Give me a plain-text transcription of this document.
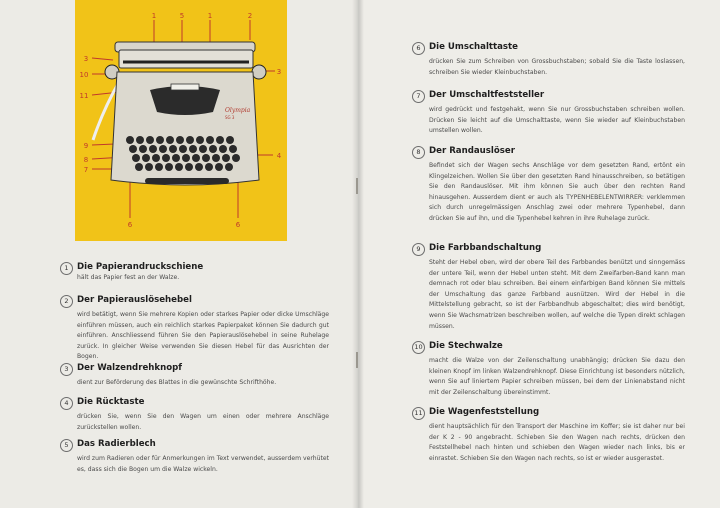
Olympia
SG 3
1	5	1	2
3
10
11
9
8
7
3
4
6	6
1 Die Papierandruckschiene
hält das Papier fest an der Walze.
2 Der Papierauslösehebel
wird betätigt, wenn Sie mehrere Kopien oder starkes Papier oder dicke Umschläge einführen müssen, auch ein reichlich starkes Papierpaket können Sie dadurch gut einführen. Anschliessend führen Sie den Papierauslösehebel in seine Ruhelage zurück. In gleicher Weise verwenden Sie diesen Hebel für das Ausrichten der Bogen.
3 Der Walzendrehknopf
dient zur Beförderung des Blattes in die gewünschte Schrifthöhe.
4 Die Rücktaste
drücken Sie, wenn Sie den Wagen um einen oder mehrere Anschläge zurückstellen wollen.
5 Das Radierblech
wird zum Radieren oder für Anmerkungen im Text verwendet, ausserdem verhütet es, dass sich die Bogen um die Walze wickeln.
6 Die Umschalttaste
drücken Sie zum Schreiben von Grossbuchstaben; sobald Sie die Taste loslassen, schreiben Sie wieder Kleinbuchstaben.
7 Der Umschaltfeststeller
wird gedrückt und festgehakt, wenn Sie nur Grossbuchstaben schreiben wollen. Drücken Sie leicht auf die Umschalttaste, wenn Sie wieder auf Kleinbuchstaben umstellen wollen.
8 Der Randauslöser
Befindet sich der Wagen sechs Anschläge vor dem gesetzten Rand, ertönt ein Klingelzeichen. Wollen Sie über den gesetzten Rand hinausschreiben, so betätigen Sie den Randauslöser. Mit ihm können Sie auch über den rechten Rand hinausgehen. Ausserdem dient er auch als TYPENHEBELENTWIRRER: verklemmen sich durch unregelmässigen Anschlag zwei oder mehrere Typenhebel, dann drücken Sie auf ihn, und die Typenhebel kehren in ihre Ruhelage zurück.
9 Die Farbbandschaltung
Steht der Hebel oben, wird der obere Teil des Farbbandes benützt und sinngemäss der untere Teil, wenn der Hebel unten steht. Mit dem Zweifarben-Band kann man demnach rot oder blau schreiben. Bei einem einfarbigen Band können Sie mittels der Umschaltung das ganze Farbband ausnützen. Wird der Hebel in die Mittelstellung gebracht, so ist der Farbbandhub abgeschaltet; dies wird benötigt, wenn Sie Wachsmatrizen beschreiben wollen, auf welche die Typen direkt schlagen müssen.
10 Die Stechwalze
macht die Walze von der Zeilenschaltung unabhängig; drücken Sie dazu den kleinen Knopf im linken Walzendrehknopf. Diese Einrichtung ist besonders nützlich, wenn Sie auf liniertem Papier schreiben müssen, bei dem der Linienabstand nicht mit der Zeilenschaltung übereinstimmt.
11 Die Wagenfeststellung
dient hauptsächlich für den Transport der Maschine im Koffer; sie ist daher nur bei der K 2 - 90 angebracht. Schieben Sie den Wagen nach rechts, drücken den Feststellhebel nach hinten und schieben den Wagen wieder nach links, bis er einrastet. Schieben Sie den Wagen nach rechts, so ist er wieder ausgerastet.
